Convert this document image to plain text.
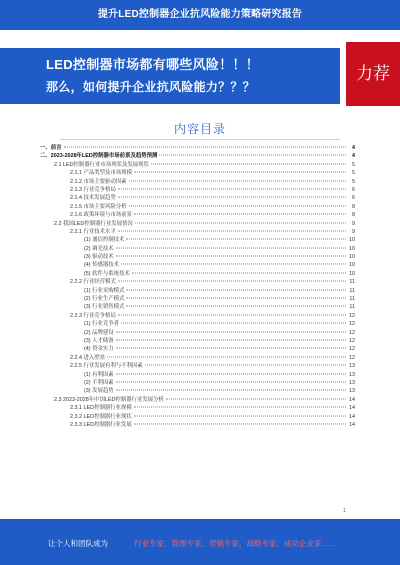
提升LED控制器企业抗风险能力策略研究报告
LED控制器市场都有哪些风险！！！
那么，如何提升企业抗风险能力？？？
力荐
内容目录
一、前言	4
二、2023-2028年LED控制器市场前景及趋势预测	4
2.1 LED控制器行业市场现状及发展现状	5
2.1.1 产品类型及市场规模	5
2.1.2 市场主要驱动因素	5
2.1.3 行业竞争格局	6
2.1.4 技术发展趋势	6
2.1.5 市场主要风险分析	8
2.1.6 政策环境与市场前景	8
2.2 我国LED控制器行业发展情况	9
2.2.1 行业技术水平	9
(1) 通信控制技术	10
(2) 调光技术	10
(3) 驱动技术	10
(4) 传感器技术	10
(5) 软件与系统技术	10
2.2.2 行业经营模式	11
(1) 行业采购模式	11
(2) 行业生产模式	11
(3) 行业销售模式	11
2.2.3 行业竞争格局	12
(1) 行业竞争者	12
(2) 品牌建设	12
(3) 人才储备	12
(4) 资金实力	12
2.2.4 进入壁垒	12
2.2.5 行业发展有利与不利因素	13
(1) 有利因素	13
(2) 不利因素	13
(3) 发展趋势	13
2.3 2023-2028年中国LED控制器行业发展分析	14
2.3.1 LED控制器行业规模	14
2.3.2 LED控制器行业现状	14
2.3.3 LED控制器行业发展	14
1
让个人和团队成为	行业专家、管理专家、营销专家、战略专家、成功企业家……
